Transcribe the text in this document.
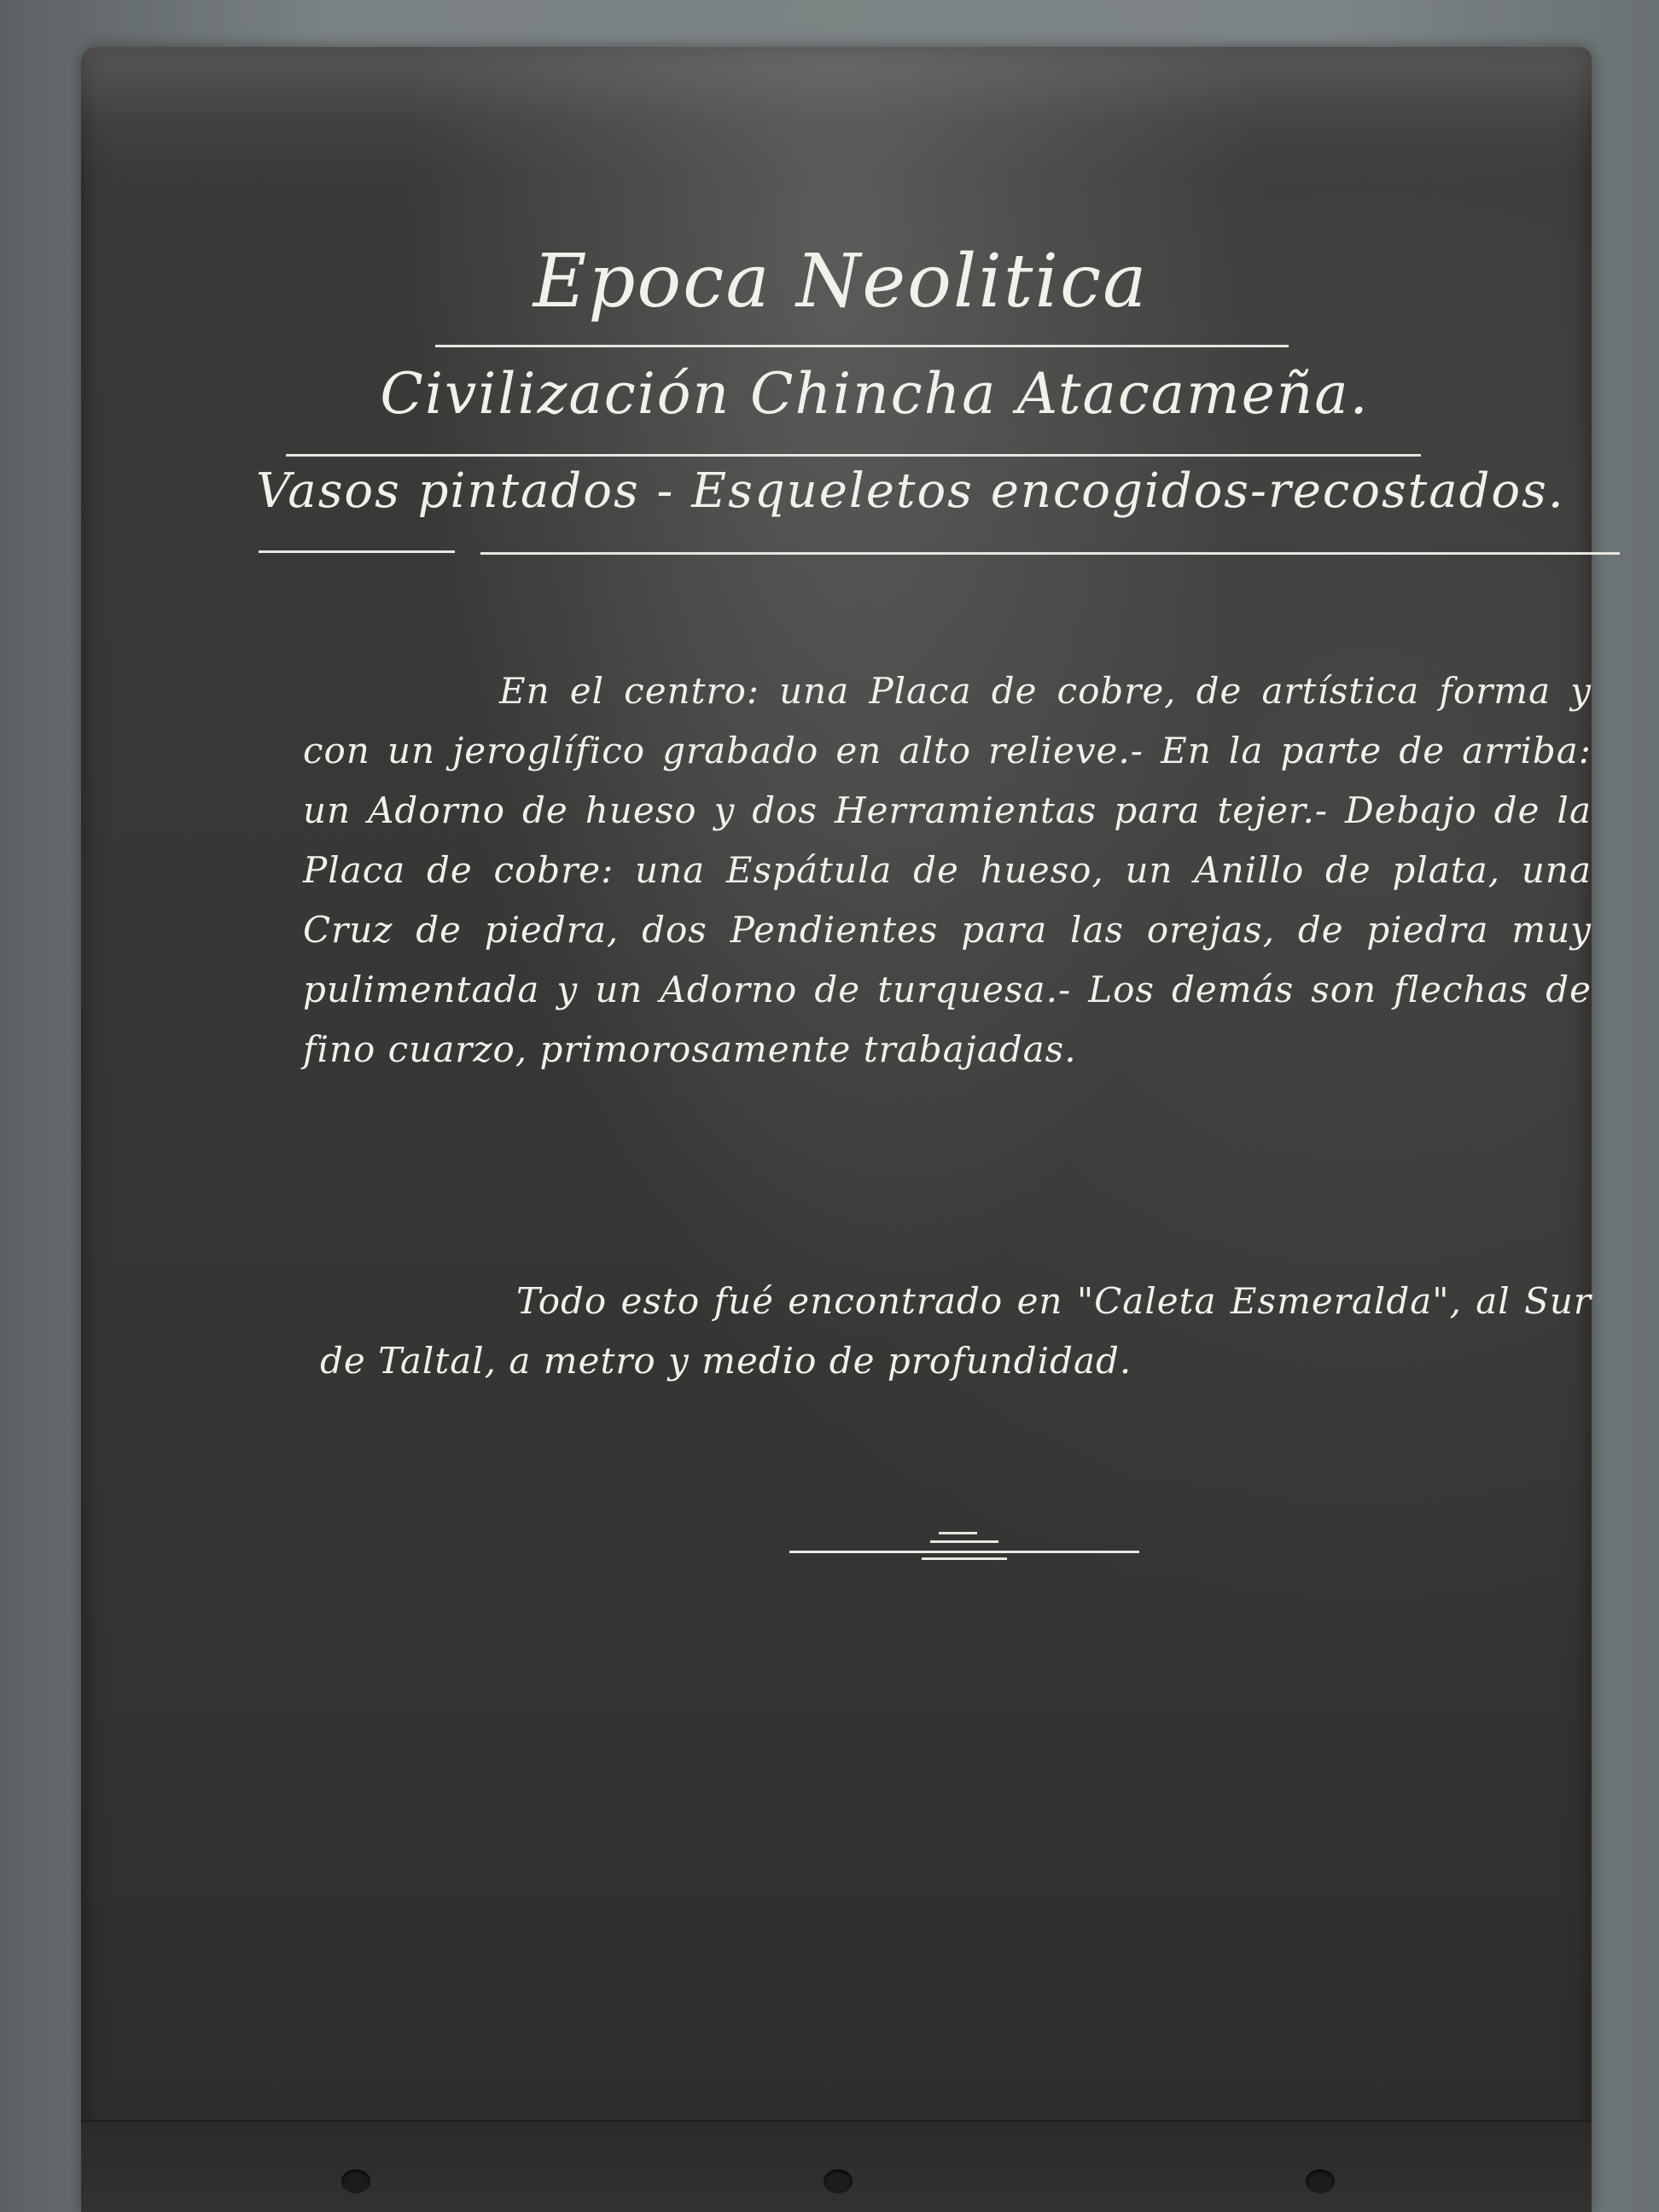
Epoca Neolitica
Civilización Chincha Atacameña.
Vasos pintados - Esqueletos encogidos-recostados.

En el centro: una Placa de cobre, de artística forma y con un jeroglífico grabado en alto relieve.- En la parte de arriba: un Adorno de hueso y dos Herramientas para tejer.- Debajo de la Placa de cobre: una Espátula de hueso, un Anillo de plata, una Cruz de piedra, dos Pendientes para las orejas, de piedra muy pulimentada y un Adorno de turquesa.- Los demás son flechas de fino cuarzo, primorosamente trabajadas.

Todo esto fué encontrado en "Caleta Esmeralda", al Sur de Taltal, a metro y medio de profundidad.
